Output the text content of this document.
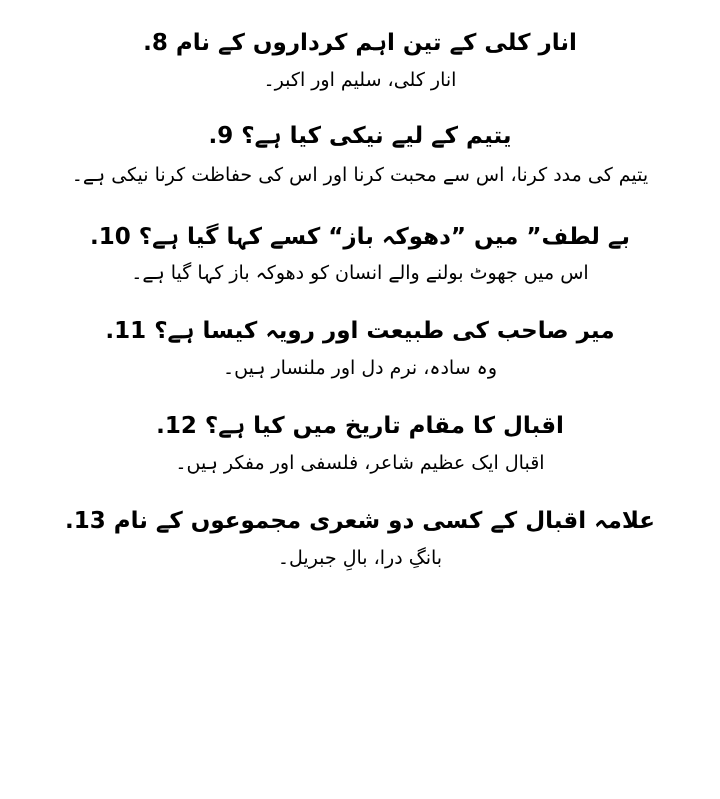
انار کلی کے تین اہم کرداروں کے نام 8.

انار کلی، سلیم اور اکبر۔

یتیم کے لیے نیکی کیا ہے؟ 9.

یتیم کی مدد کرنا، اس سے محبت کرنا اور اس کی حفاظت کرنا نیکی ہے۔

بے لطف” میں ”دھوکہ باز“ کسے کہا گیا ہے؟ 10.

اس میں جھوٹ بولنے والے انسان کو دھوکہ باز کہا گیا ہے۔

میر صاحب کی طبیعت اور رویہ کیسا ہے؟ 11.

وہ سادہ، نرم دل اور ملنسار ہیں۔

اقبال کا مقام تاریخ میں کیا ہے؟ 12.

اقبال ایک عظیم شاعر، فلسفی اور مفکر ہیں۔

علامہ اقبال کے کسی دو شعری مجموعوں کے نام 13.

بانگِ درا، بالِ جبریل۔
